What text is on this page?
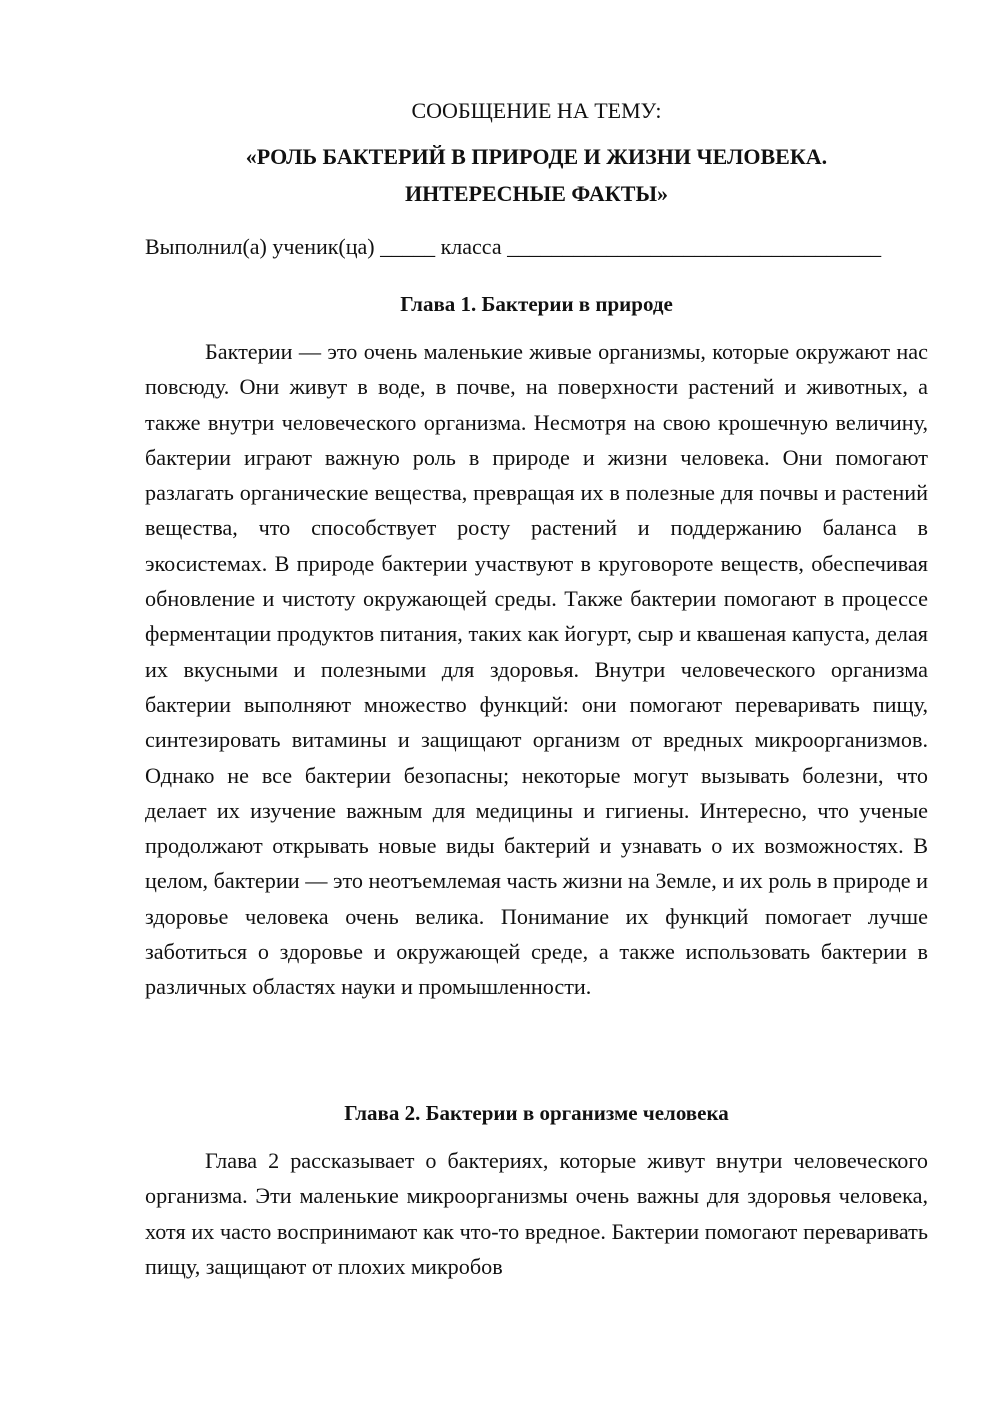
СООБЩЕНИЕ НА ТЕМУ:
«РОЛЬ БАКТЕРИЙ В ПРИРОДЕ И ЖИЗНИ ЧЕЛОВЕКА.
ИНТЕРЕСНЫЕ ФАКТЫ»
Выполнил(а) ученик(ца) _____ класса __________________________________
Глава 1. Бактерии в природе

Бактерии — это очень маленькие живые организмы, которые окружают нас повсюду. Они живут в воде, в почве, на поверхности растений и животных, а также внутри человеческого организма. Несмотря на свою крошечную величину, бактерии играют важную роль в природе и жизни человека. Они помогают разлагать органические вещества, превращая их в полезные для почвы и растений вещества, что способствует росту растений и поддержанию баланса в экосистемах. В природе бактерии участвуют в круговороте веществ, обеспечивая обновление и чистоту окружающей среды. Также бактерии помогают в процессе ферментации продуктов питания, таких как йогурт, сыр и квашеная капуста, делая их вкусными и полезными для здоровья. Внутри человеческого организма бактерии выполняют множество функций: они помогают переваривать пищу, синтезировать витамины и защищают организм от вредных микроорганизмов. Однако не все бактерии безопасны; некоторые могут вызывать болезни, что делает их изучение важным для медицины и гигиены. Интересно, что ученые продолжают открывать новые виды бактерий и узнавать о их возможностях. В целом, бактерии — это неотъемлемая часть жизни на Земле, и их роль в природе и здоровье человека очень велика. Понимание их функций помогает лучше заботиться о здоровье и окружающей среде, а также использовать бактерии в различных областях науки и промышленности.

Глава 2. Бактерии в организме человека

Глава 2 рассказывает о бактериях, которые живут внутри человеческого организма. Эти маленькие микроорганизмы очень важны для здоровья человека, хотя их часто воспринимают как что-то вредное. Бактерии помогают переваривать пищу, защищают от плохих микробов
